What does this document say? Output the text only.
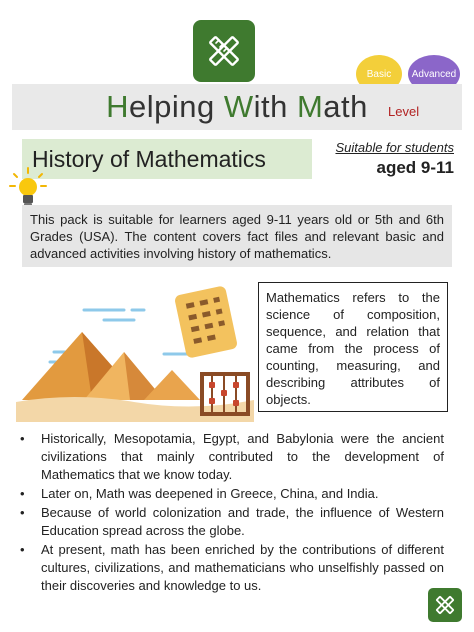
Basic	Advanced
H elping W ith M ath Level
History of Mathematics	Suitable for students
aged 9-11
This pack is suitable for learners aged 9-11 years old or 5th and 6th Grades (USA). The content covers fact files and relevant basic and advanced activities involving history of mathematics.
Mathematics refers to the science of composition, sequence, and relation that came from the process of counting, measuring, and describing attributes of objects.
• Historically, Mesopotamia, Egypt, and Babylonia were the ancient civilizations that mainly contributed to the development of Mathematics that we know today.
• Later on, Math was deepened in Greece, China, and India.
• Because of world colonization and trade, the influence of Western Education spread across the globe.
• At present, math has been enriched by the contributions of different cultures, civilizations, and mathematicians who unselfishly passed on their discoveries and knowledge to us.
